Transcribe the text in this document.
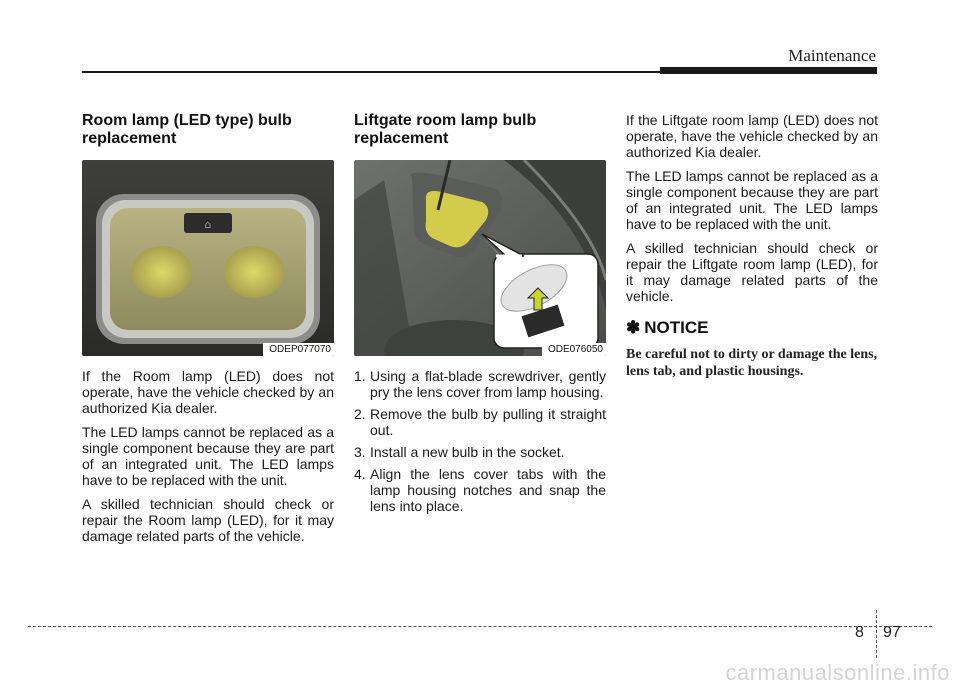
Maintenance
Room lamp (LED type) bulb replacement
⌂
ODEP077070

If the Room lamp (LED) does not operate, have the vehicle checked by an authorized Kia dealer.

The LED lamps cannot be replaced as a single component because they are part of an integrated unit. The LED lamps have to be replaced with the unit.

A skilled technician should check or repair the Room lamp (LED), for it may damage related parts of the vehicle.

Liftgate room lamp bulb replacement
ODE076050
1. Using a flat-blade screwdriver, gently pry the lens cover from lamp housing.
2. Remove the bulb by pulling it straight out.
3. Install a new bulb in the socket.
4. Align the lens cover tabs with the lamp housing notches and snap the lens into place.

If the Liftgate room lamp (LED) does not operate, have the vehicle checked by an authorized Kia dealer.

The LED lamps cannot be replaced as a single component because they are part of an integrated unit. The LED lamps have to be replaced with the unit.

A skilled technician should check or repair the Liftgate room lamp (LED), for it may damage related parts of the vehicle.

✽ NOTICE

Be careful not to dirty or damage the lens, lens tab, and plastic housings.

8 97
carmanualsonline.info
